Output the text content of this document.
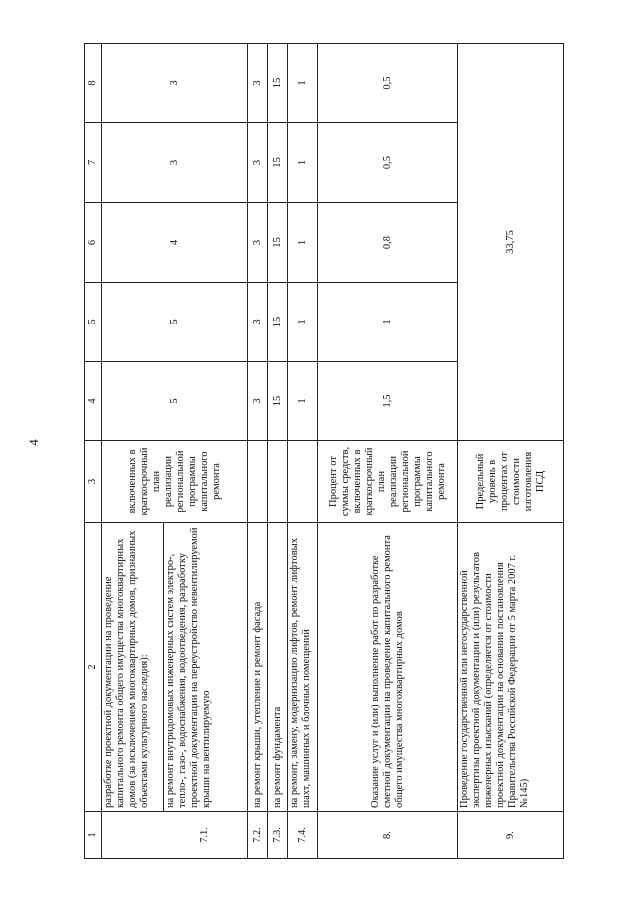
4
1	2	3	4	5	6	7	8
	разработке проектной документации на проведение капитального ремонта общего имущества многоквартирных домов (за исключением многоквартирных домов, признанных объектами культурного наследия):	включенных в краткосрочный план реализации региональной программы капитального ремонта	5	5	4	3	3
7.1.	на ремонт внутридомовых инженерных систем электро-, тепло-, газо-, водоснабжения, водоотведения, разработку проектной документации на переустройство невентилируемой крыши на вентилируемую						
7.2.	на ремонт крыши, утепление и ремонт фасада		3	3	3	3	3
7.3.	на ремонт фундамента		15	15	15	15	15
7.4.	на ремонт, замену, модернизацию лифтов, ремонт лифтовых шахт, машинных и блочных помещений		1	1	1	1	1
8.	Оказание услуг и (или) выполнение работ по разработке сметной документации на проведение капитального ремонта общего имущества многоквартирных домов	Процент от суммы средств, включенных в краткосрочный план реализации региональной программы капитального ремонта	1,5	1	0,8	0,5	0,5
9.	Проведение государственной или негосударственной экспертизы проектной документации и (или) результатов инженерных изысканий (определяется от стоимости проектной документации на основании постановления Правительства Российской Федерации от 5 марта 2007 г. №145)	Предельный уровень в процентах от стоимости изготовления ПСД	33,75				
